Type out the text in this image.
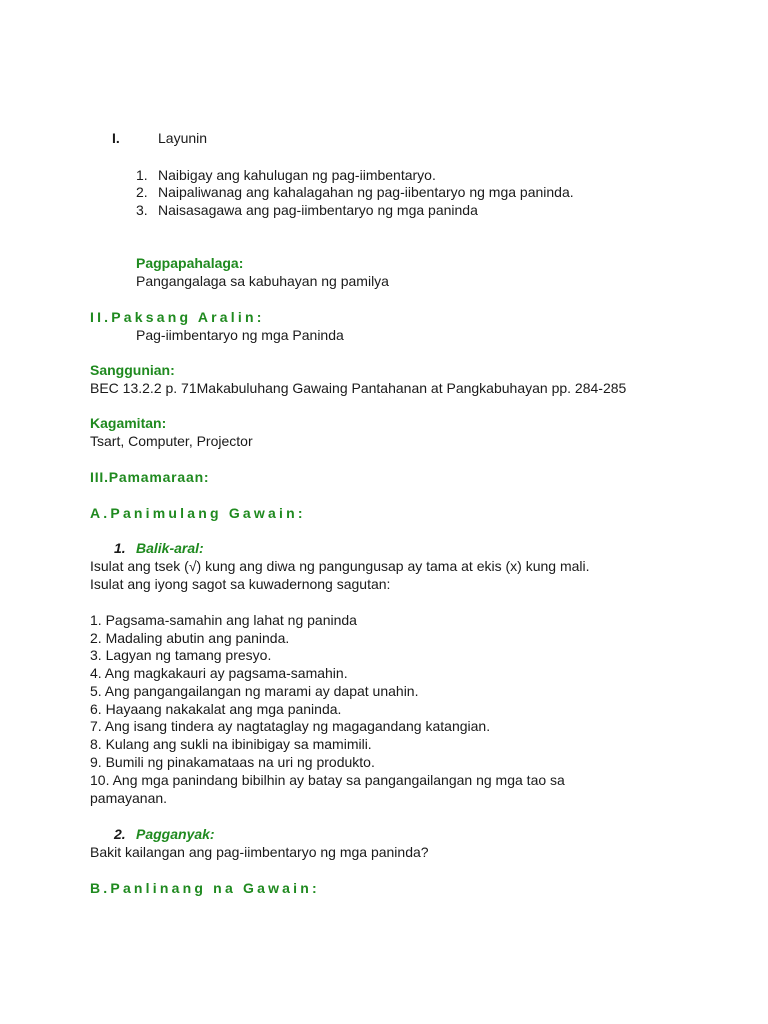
I.	Layunin
1. Naibigay ang kahulugan ng pag-iimbentaryo.
2. Naipaliwanag ang kahalagahan ng pag-iibentaryo ng mga paninda.
3. Naisasagawa ang pag-iimbentaryo ng mga paninda
Pagpapahalaga:
Pangangalaga sa kabuhayan ng pamilya
II.Paksang Aralin:
Pag-iimbentaryo ng mga Paninda
Sanggunian:
BEC 13.2.2 p. 71Makabuluhang Gawaing Pantahanan at Pangkabuhayan pp. 284-285
Kagamitan:
Tsart, Computer, Projector
III.Pamamaraan:
A.Panimulang Gawain:
1. Balik-aral:
Isulat ang tsek (√) kung ang diwa ng pangungusap ay tama at ekis (x) kung mali.
Isulat ang iyong sagot sa kuwadernong sagutan:
1. Pagsama-samahin ang lahat ng paninda
2. Madaling abutin ang paninda.
3. Lagyan ng tamang presyo.
4. Ang magkakauri ay pagsama-samahin.
5. Ang pangangailangan ng marami ay dapat unahin.
6. Hayaang nakakalat ang mga paninda.
7. Ang isang tindera ay nagtataglay ng magagandang katangian.
8. Kulang ang sukli na ibinibigay sa mamimili.
9. Bumili ng pinakamataas na uri ng produkto.
10. Ang mga panindang bibilhin ay batay sa pangangailangan ng mga tao sa
pamayanan.
2. Pagganyak:
Bakit kailangan ang pag-iimbentaryo ng mga paninda?
B.Panlinang na Gawain:
